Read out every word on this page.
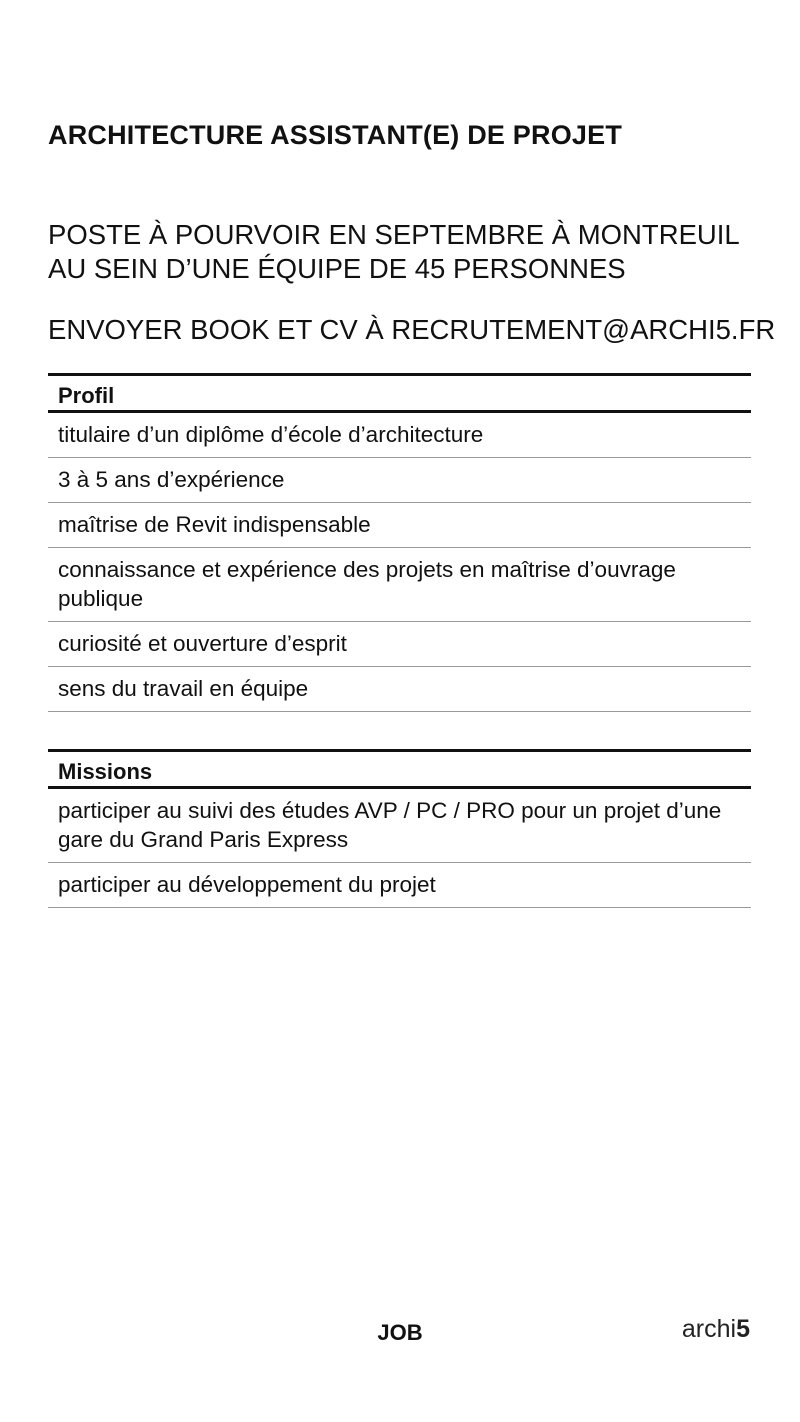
ARCHITECTURE ASSISTANT(E) DE PROJET
POSTE À POURVOIR EN SEPTEMBRE À MONTREUIL
AU SEIN D’UNE ÉQUIPE DE 45 PERSONNES
ENVOYER BOOK ET CV À RECRUTEMENT@ARCHI5.FR
Profil
titulaire d’un diplôme d’école d’architecture
3 à 5 ans d’expérience
maîtrise de Revit indispensable
connaissance et expérience des projets en maîtrise d’ouvrage publique
curiosité et ouverture d’esprit
sens du travail en équipe
Missions
participer au suivi des études AVP / PC / PRO pour un projet d’une gare du Grand Paris Express
participer au développement du projet
JOB	archi5
